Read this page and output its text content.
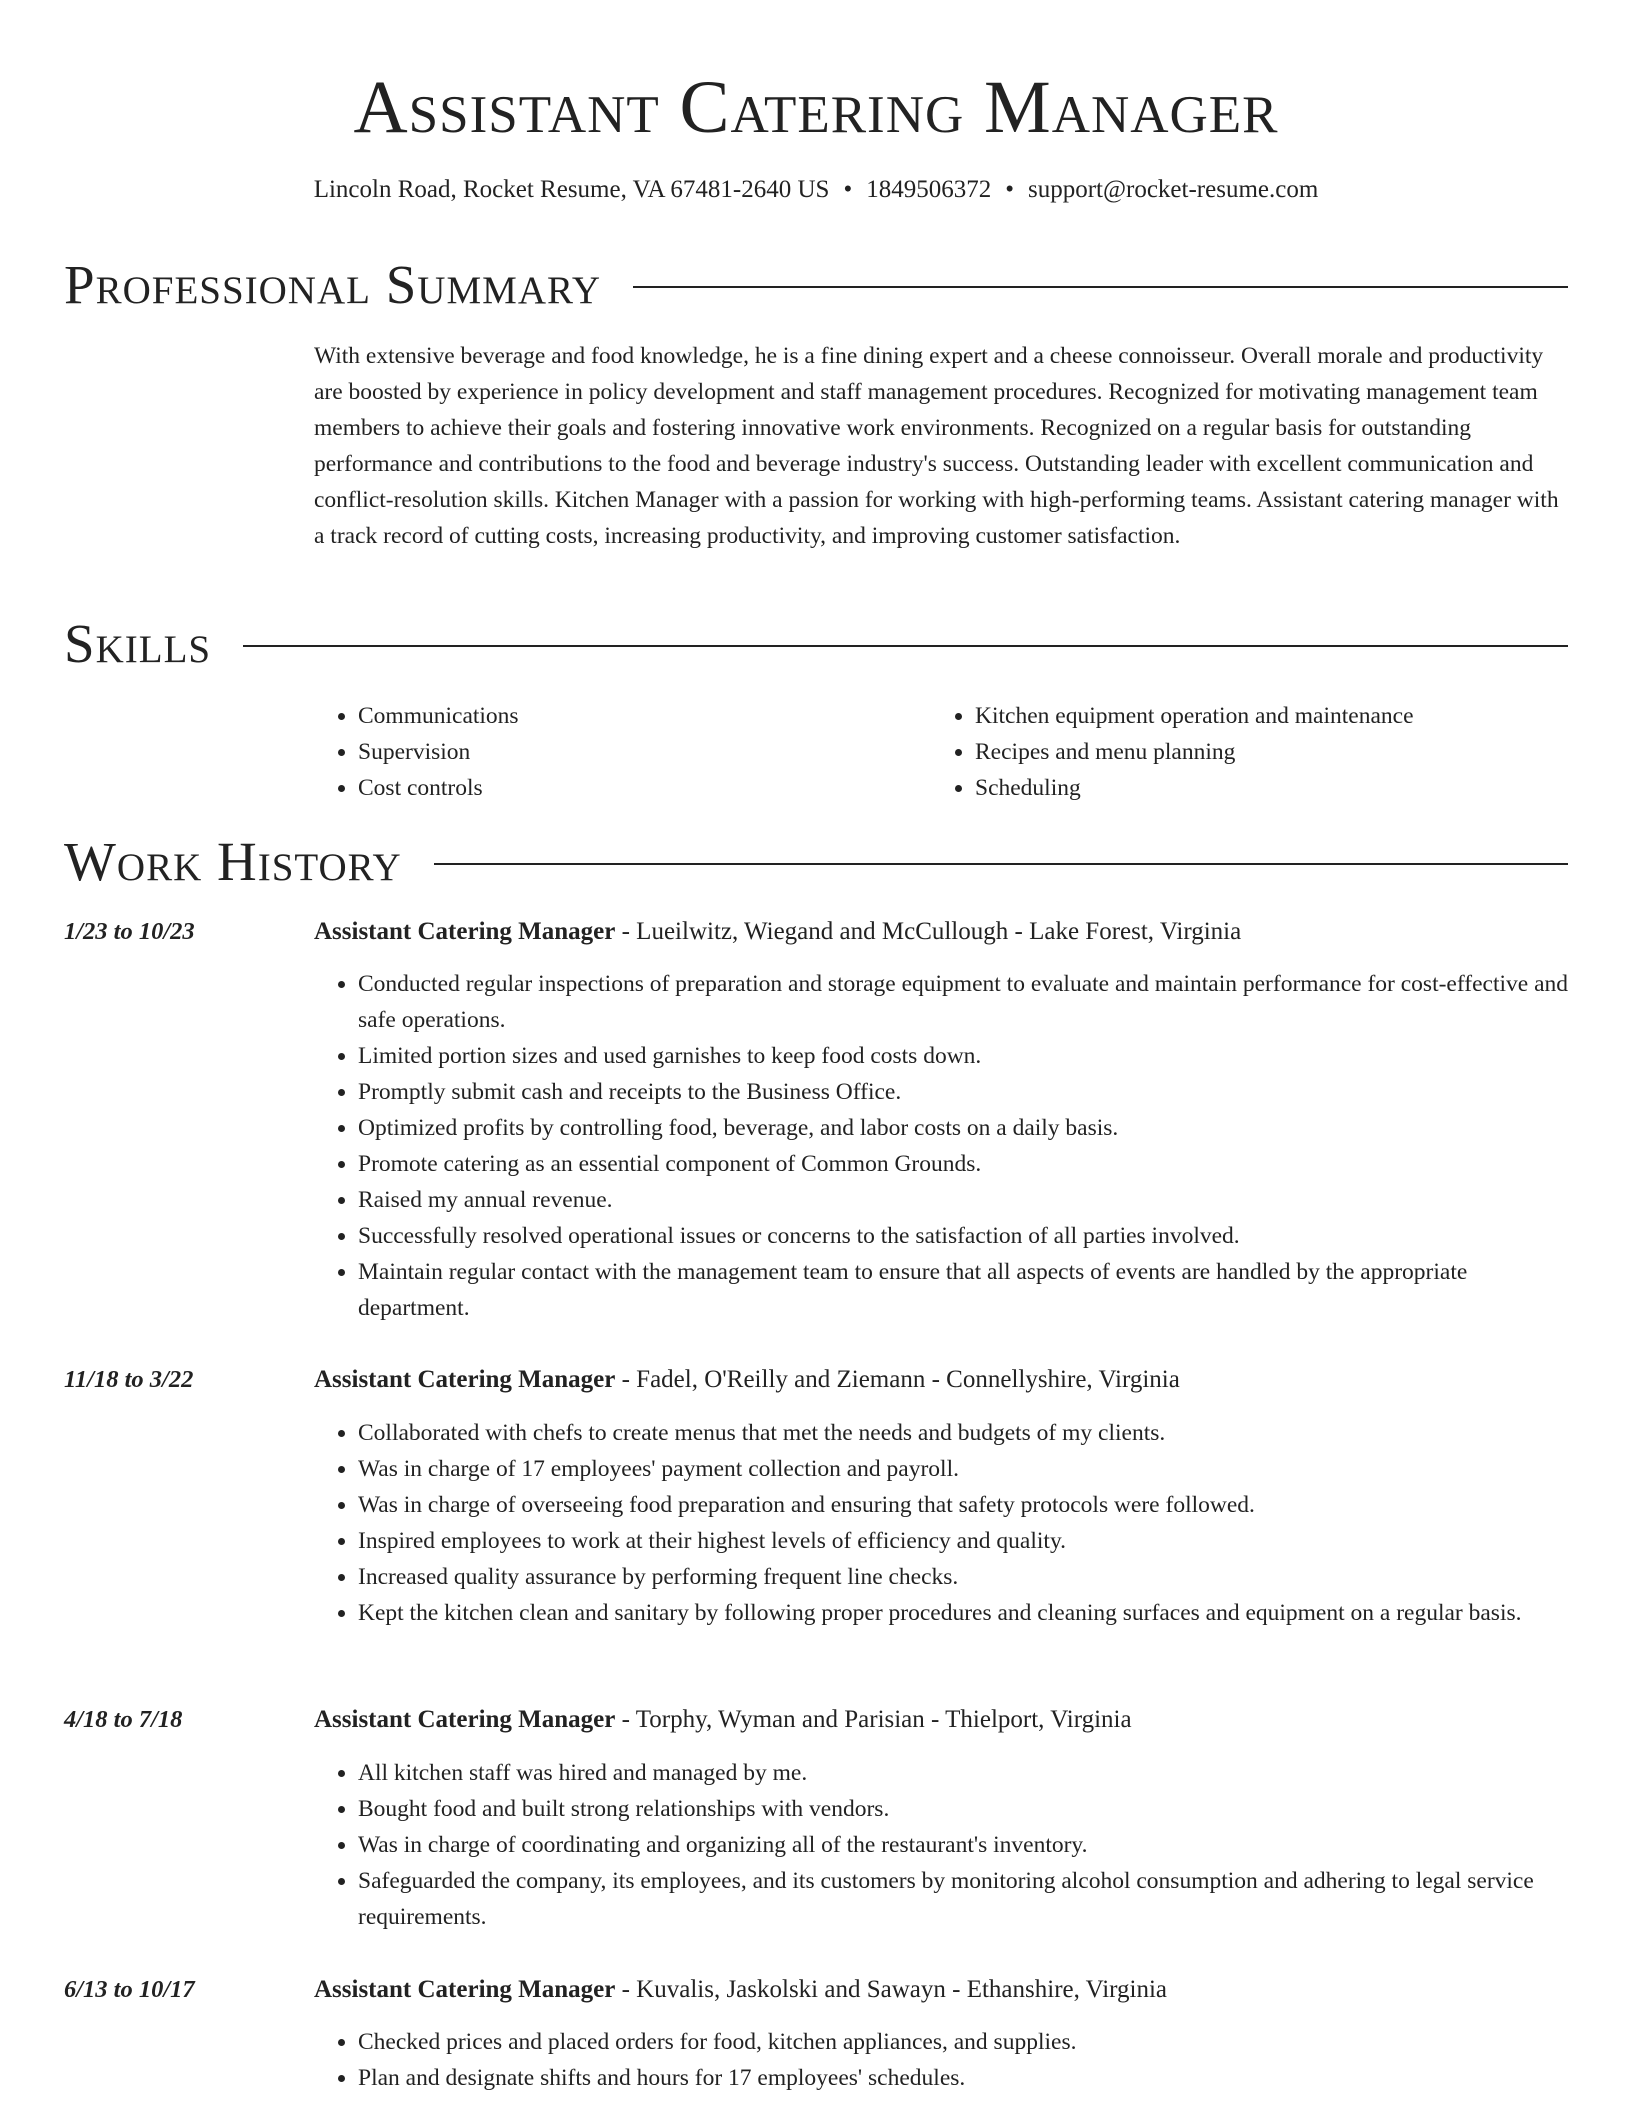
Assistant Catering Manager
Lincoln Road, Rocket Resume, VA 67481-2640 US • 1849506372 • support@rocket-resume.com
Professional Summary

With extensive beverage and food knowledge, he is a fine dining expert and a cheese connoisseur. Overall morale and productivity are boosted by experience in policy development and staff management procedures. Recognized for motivating management team members to achieve their goals and fostering innovative work environments. Recognized on a regular basis for outstanding performance and contributions to the food and beverage industry's success. Outstanding leader with excellent communication and conflict-resolution skills. Kitchen Manager with a passion for working with high-performing teams. Assistant catering manager with a track record of cutting costs, increasing productivity, and improving customer satisfaction.

Skills
• Communications
• Supervision
• Cost controls
• Kitchen equipment operation and maintenance
• Recipes and menu planning
• Scheduling
Work History
1/23 to 10/23	Assistant Catering Manager - Lueilwitz, Wiegand and McCullough - Lake Forest, Virginia
• Conducted regular inspections of preparation and storage equipment to evaluate and maintain performance for cost-effective and safe operations.
• Limited portion sizes and used garnishes to keep food costs down.
• Promptly submit cash and receipts to the Business Office.
• Optimized profits by controlling food, beverage, and labor costs on a daily basis.
• Promote catering as an essential component of Common Grounds.
• Raised my annual revenue.
• Successfully resolved operational issues or concerns to the satisfaction of all parties involved.
• Maintain regular contact with the management team to ensure that all aspects of events are handled by the appropriate department.
11/18 to 3/22	Assistant Catering Manager - Fadel, O'Reilly and Ziemann - Connellyshire, Virginia
• Collaborated with chefs to create menus that met the needs and budgets of my clients.
• Was in charge of 17 employees' payment collection and payroll.
• Was in charge of overseeing food preparation and ensuring that safety protocols were followed.
• Inspired employees to work at their highest levels of efficiency and quality.
• Increased quality assurance by performing frequent line checks.
• Kept the kitchen clean and sanitary by following proper procedures and cleaning surfaces and equipment on a regular basis.
4/18 to 7/18	Assistant Catering Manager - Torphy, Wyman and Parisian - Thielport, Virginia
• All kitchen staff was hired and managed by me.
• Bought food and built strong relationships with vendors.
• Was in charge of coordinating and organizing all of the restaurant's inventory.
• Safeguarded the company, its employees, and its customers by monitoring alcohol consumption and adhering to legal service requirements.
6/13 to 10/17	Assistant Catering Manager - Kuvalis, Jaskolski and Sawayn - Ethanshire, Virginia
• Checked prices and placed orders for food, kitchen appliances, and supplies.
• Plan and designate shifts and hours for 17 employees' schedules.
